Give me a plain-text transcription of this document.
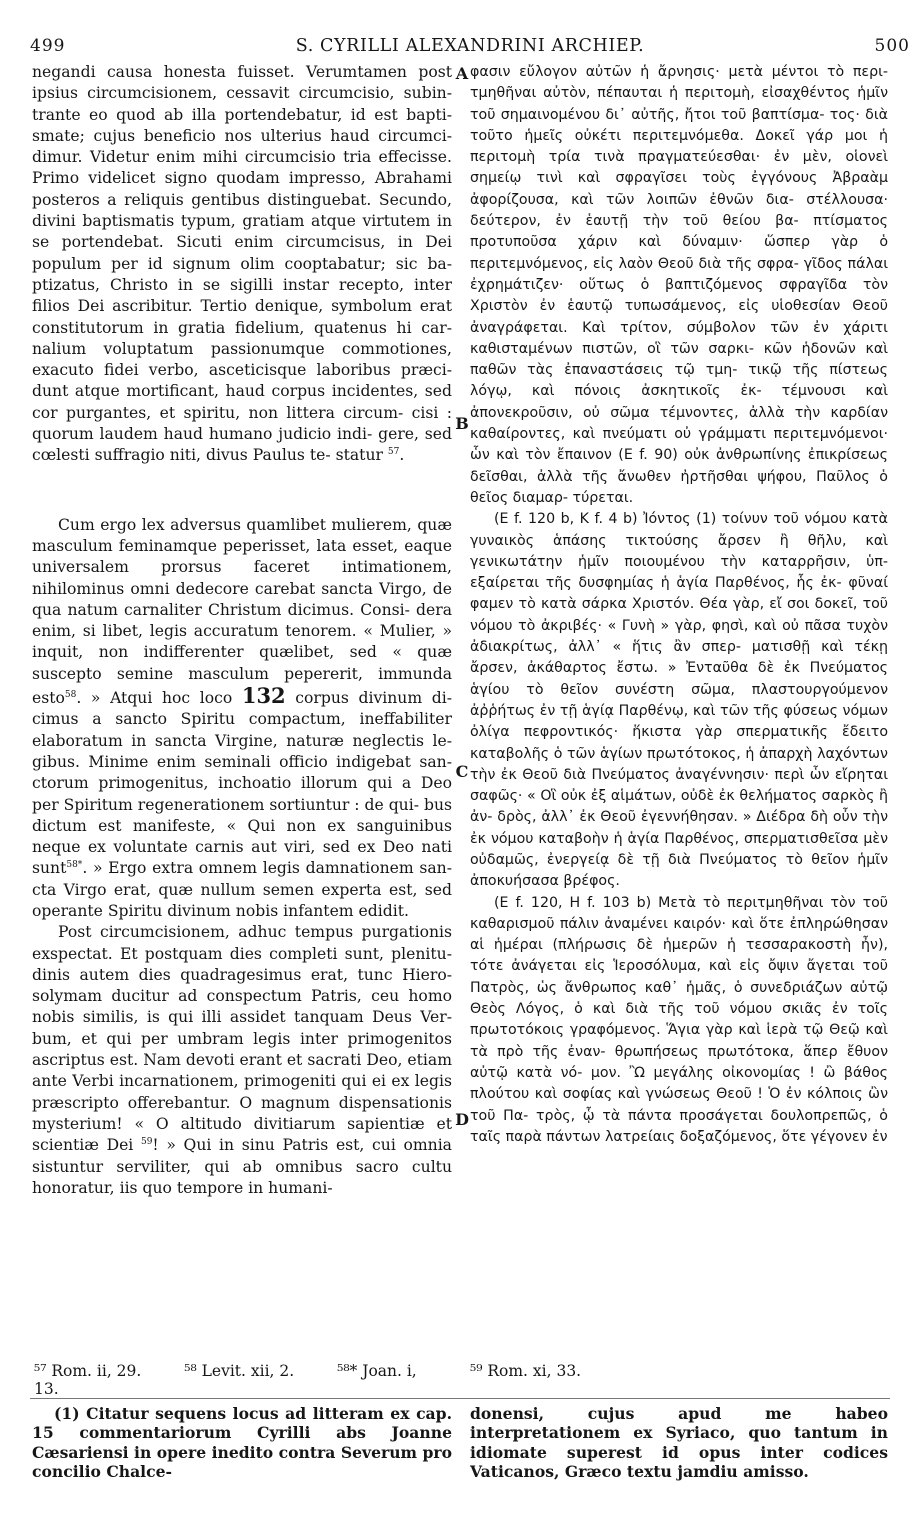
499	S. CYRILLI ALEXANDRINI ARCHIEP.	500
A
B
C
D

negandi causa honesta fuisset. Verumtamen post ipsius circumcisionem, cessavit circumcisio, subin- trante eo quod ab illa portendebatur, id est bapti- smate; cujus beneficio nos ulterius haud circumci- dimur. Videtur enim mihi circumcisio tria effecisse. Primo videlicet signo quodam impresso, Abrahami posteros a reliquis gentibus distinguebat. Secundo, divini baptismatis typum, gratiam atque virtutem in se portendebat. Sicuti enim circumcisus, in Dei populum per id signum olim cooptabatur; sic ba- ptizatus, Christo in se sigilli instar recepto, inter filios Dei ascribitur. Tertio denique, symbolum erat constitutorum in gratia fidelium, quatenus hi car- nalium voluptatum passionumque commotiones, exacuto fidei verbo, asceticisque laboribus præci- dunt atque mortificant, haud corpus incidentes, sed cor purgantes, et spiritu, non littera circum- cisi : quorum laudem haud humano judicio indi- gere, sed cœlesti suffragio niti, divus Paulus te- statur $^{57}$.

Cum ergo lex adversus quamlibet mulierem, quæ masculum feminamque peperisset, lata esset, eaque universalem prorsus faceret intimationem, nihilominus omni dedecore carebat sancta Virgo, de qua natum carnaliter Christum dicimus. Consi- dera enim, si libet, legis accuratum tenorem. « Mulier, » inquit, non indifferenter quælibet, sed « quæ suscepto semine masculum pepererit, immunda esto$^{58}$. » Atqui hoc loco 132 corpus divinum di- cimus a sancto Spiritu compactum, ineffabiliter elaboratum in sancta Virgine, naturæ neglectis le- gibus. Minime enim seminali officio indigebat san- ctorum primogenitus, inchoatio illorum qui a Deo per Spiritum regenerationem sortiuntur : de qui- bus dictum est manifeste, « Qui non ex sanguinibus neque ex voluntate carnis aut viri, sed ex Deo nati sunt$^{58*}$. » Ergo extra omnem legis damnationem san- cta Virgo erat, quæ nullum semen experta est, sed operante Spiritu divinum nobis infantem edidit.

Post circumcisionem, adhuc tempus purgationis exspectat. Et postquam dies completi sunt, plenitu- dinis autem dies quadragesimus erat, tunc Hiero- solymam ducitur ad conspectum Patris, ceu homo nobis similis, is qui illi assidet tanquam Deus Ver- bum, et qui per umbram legis inter primogenitos ascriptus est. Nam devoti erant et sacrati Deo, etiam ante Verbi incarnationem, primogeniti qui ei ex legis præscripto offerebantur. O magnum dispensationis mysterium! « O altitudo divitiarum sapientiæ et scientiæ Dei $^{59}$! » Qui in sinu Patris est, cui omnia sistuntur serviliter, qui ab omnibus sacro cultu honoratur, iis quo tempore in humani-

φασιν εὔλογον αὐτῶν ἡ ἄρνησις· μετὰ μέντοι τὸ περι- τμηθῆναι αὐτὸν, πέπαυται ἡ περιτομὴ, εἰσαχθέντος ἡμῖν τοῦ σημαινομένου δι᾽ αὐτῆς, ἤτοι τοῦ βαπτίσμα- τος· διὰ τοῦτο ἡμεῖς οὐκέτι περιτεμνόμεθα. Δοκεῖ γάρ μοι ἡ περιτομὴ τρία τινὰ πραγματεύεσθαι· ἐν μὲν, οἱονεὶ σημείῳ τινὶ καὶ σφραγῖσει τοὺς ἐγγόνους Ἀβραὰμ ἀφορίζουσα, καὶ τῶν λοιπῶν ἐθνῶν δια- στέλλουσα· δεύτερον, ἐν ἑαυτῇ τὴν τοῦ θείου βα- πτίσματος προτυποῦσα χάριν καὶ δύναμιν· ὥσπερ γὰρ ὁ περιτεμνόμενος, εἰς λαὸν Θεοῦ διὰ τῆς σφρα- γῖδος πάλαι ἐχρημάτιζεν· οὕτως ὁ βαπτιζόμενος σφραγῖδα τὸν Χριστὸν ἐν ἑαυτῷ τυπωσάμενος, εἰς υἱοθεσίαν Θεοῦ ἀναγράφεται. Καὶ τρίτον, σύμβολον τῶν ἐν χάριτι καθισταμένων πιστῶν, οἳ τῶν σαρκι- κῶν ἡδονῶν καὶ παθῶν τὰς ἐπαναστάσεις τῷ τμη- τικῷ τῆς πίστεως λόγῳ, καὶ πόνοις ἀσκητικοῖς ἐκ- τέμνουσι καὶ ἀπονεκροῦσιν, οὐ σῶμα τέμνοντες, ἀλλὰ τὴν καρδίαν καθαίροντες, καὶ πνεύματι οὐ γράμματι περιτεμνόμενοι· ὧν καὶ τὸν ἔπαινον (E f. 90) οὐκ ἀνθρωπίνης ἐπικρίσεως δεῖσθαι, ἀλλὰ τῆς ἄνωθεν ἠρτῆσθαι ψήφου, Παῦλος ὁ θεῖος διαμαρ- τύρεται.

(E f. 120 b, K f. 4 b) Ἰόντος (1) τοίνυν τοῦ νόμου κατὰ γυναικὸς ἁπάσης τικτούσης ἄρσεν ἢ θῆλυ, καὶ γενικωτάτην ἡμῖν ποιουμένου τὴν καταρρῆσιν, ὑπ- εξαίρεται τῆς δυσφημίας ἡ ἁγία Παρθένος, ἧς ἐκ- φῦναί φαμεν τὸ κατὰ σάρκα Χριστόν. Θέα γὰρ, εἴ σοι δοκεῖ, τοῦ νόμου τὸ ἀκριβές· « Γυνὴ » γὰρ, φησὶ, καὶ οὐ πᾶσα τυχὸν ἀδιακρίτως, ἀλλ᾽ « ἥτις ἂν σπερ- ματισθῇ καὶ τέκῃ ἄρσεν, ἀκάθαρτος ἔστω. » Ἐνταῦθα δὲ ἐκ Πνεύματος ἁγίου τὸ θεῖον συνέστη σῶμα, πλαστουργούμενον ἀῤῥήτως ἐν τῇ ἁγίᾳ Παρθένῳ, καὶ τῶν τῆς φύσεως νόμων ὀλίγα πεφροντικός· ἥκιστα γὰρ σπερματικῆς ἔδειτο καταβολῆς ὁ τῶν ἁγίων πρωτότοκος, ἡ ἀπαρχὴ λαχόντων τὴν ἐκ Θεοῦ διὰ Πνεύματος ἀναγέννησιν· περὶ ὧν εἴρηται σαφῶς· « Οἳ οὐκ ἐξ αἱμάτων, οὐδὲ ἐκ θελήματος σαρκὸς ἢ ἀν- δρὸς, ἀλλ᾽ ἐκ Θεοῦ ἐγεννήθησαν. » Διέδρα δὴ οὖν τὴν ἐκ νόμου καταβοὴν ἡ ἁγία Παρθένος, σπερματισθεῖσα μὲν οὐδαμῶς, ἐνεργείᾳ δὲ τῇ διὰ Πνεύματος τὸ θεῖον ἡμῖν ἀποκυήσασα βρέφος.

(E f. 120, H f. 103 b) Μετὰ τὸ περιτμηθῆναι τὸν τοῦ καθαρισμοῦ πάλιν ἀναμένει καιρόν· καὶ ὅτε ἐπληρώθησαν αἱ ἡμέραι (πλήρωσις δὲ ἡμερῶν ἡ τεσσαρακοστὴ ἦν), τότε ἀνάγεται εἰς Ἱεροσόλυμα, καὶ εἰς ὄψιν ἄγεται τοῦ Πατρὸς, ὡς ἄνθρωπος καθ᾽ ἡμᾶς, ὁ συνεδριάζων αὐτῷ Θεὸς Λόγος, ὁ καὶ διὰ τῆς τοῦ νόμου σκιᾶς ἐν τοῖς πρωτοτόκοις γραφόμενος. Ἅγια γὰρ καὶ ἱερὰ τῷ Θεῷ καὶ τὰ πρὸ τῆς ἐναν- θρωπήσεως πρωτότοκα, ἅπερ ἔθυον αὐτῷ κατὰ νό- μον. Ὢ μεγάλης οἰκονομίας ! ὢ βάθος πλούτου καὶ σοφίας καὶ γνώσεως Θεοῦ ! Ὁ ἐν κόλποις ὢν τοῦ Πα- τρὸς, ᾧ τὰ πάντα προσάγεται δουλοπρεπῶς, ὁ ταῖς παρὰ πάντων λατρείαις δοξαζόμενος, ὅτε γέγονεν ἐν

⁵⁷ Rom. ii, 29.	⁵⁸ Levit. xii, 2.	⁵⁸* Joan. i, 13.
⁵⁹ Rom. xi, 33.

(1) Citatur sequens locus ad litteram ex cap. 15 commentariorum Cyrilli abs Joanne Cæsariensi in opere inedito contra Severum pro concilio Chalce-

donensi, cujus apud me habeo interpretationem ex Syriaco, quo tantum in idiomate superest id opus inter codices Vaticanos, Græco textu jamdiu amisso.
